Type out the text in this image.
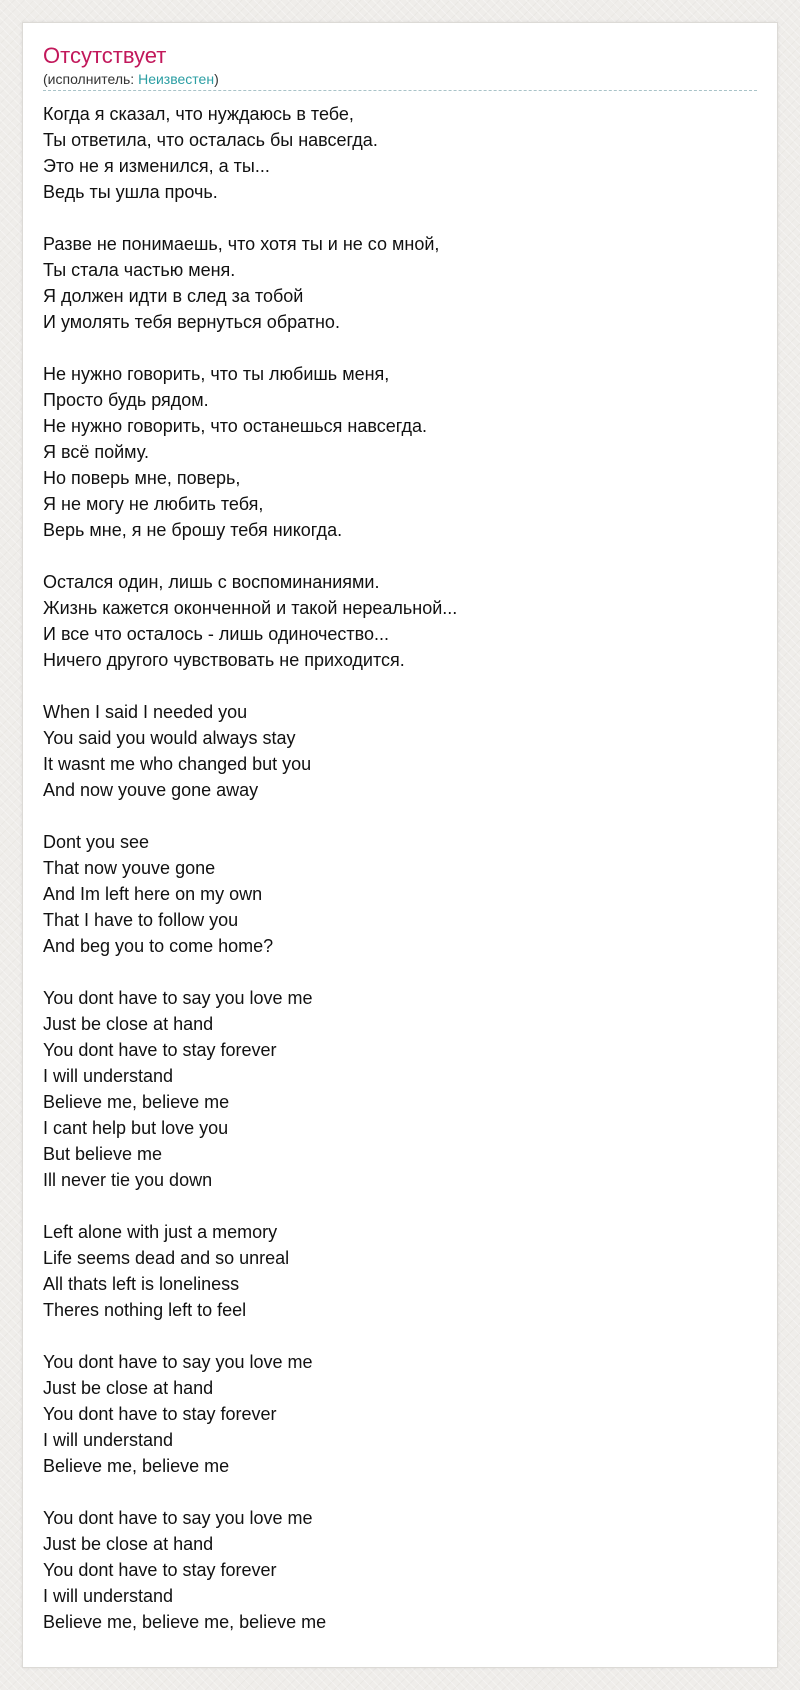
Отсутствует
(исполнитель: Неизвестен)
Когда я сказал, что нуждаюсь в тебе,
Ты ответила, что осталась бы навсегда.
Это не я изменился, а ты...
Ведь ты ушла прочь.
Разве не понимаешь, что хотя ты и не со мной,
Ты стала частью меня.
Я должен идти в след за тобой
И умолять тебя вернуться обратно.
Не нужно говорить, что ты любишь меня,
Просто будь рядом.
Не нужно говорить, что останешься навсегда.
Я всё пойму.
Но поверь мне, поверь,
Я не могу не любить тебя,
Верь мне, я не брошу тебя никогда.
Остался один, лишь с воспоминаниями.
Жизнь кажется оконченной и такой нереальной...
И все что осталось - лишь одиночество...
Ничего другого чувствовать не приходится.
When I said I needed you
You said you would always stay
It wasnt me who changed but you
And now youve gone away
Dont you see
That now youve gone
And Im left here on my own
That I have to follow you
And beg you to come home?
You dont have to say you love me
Just be close at hand
You dont have to stay forever
I will understand
Believe me, believe me
I cant help but love you
But believe me
Ill never tie you down
Left alone with just a memory
Life seems dead and so unreal
All thats left is loneliness
Theres nothing left to feel
You dont have to say you love me
Just be close at hand
You dont have to stay forever
I will understand
Believe me, believe me
You dont have to say you love me
Just be close at hand
You dont have to stay forever
I will understand
Believe me, believe me, believe me
